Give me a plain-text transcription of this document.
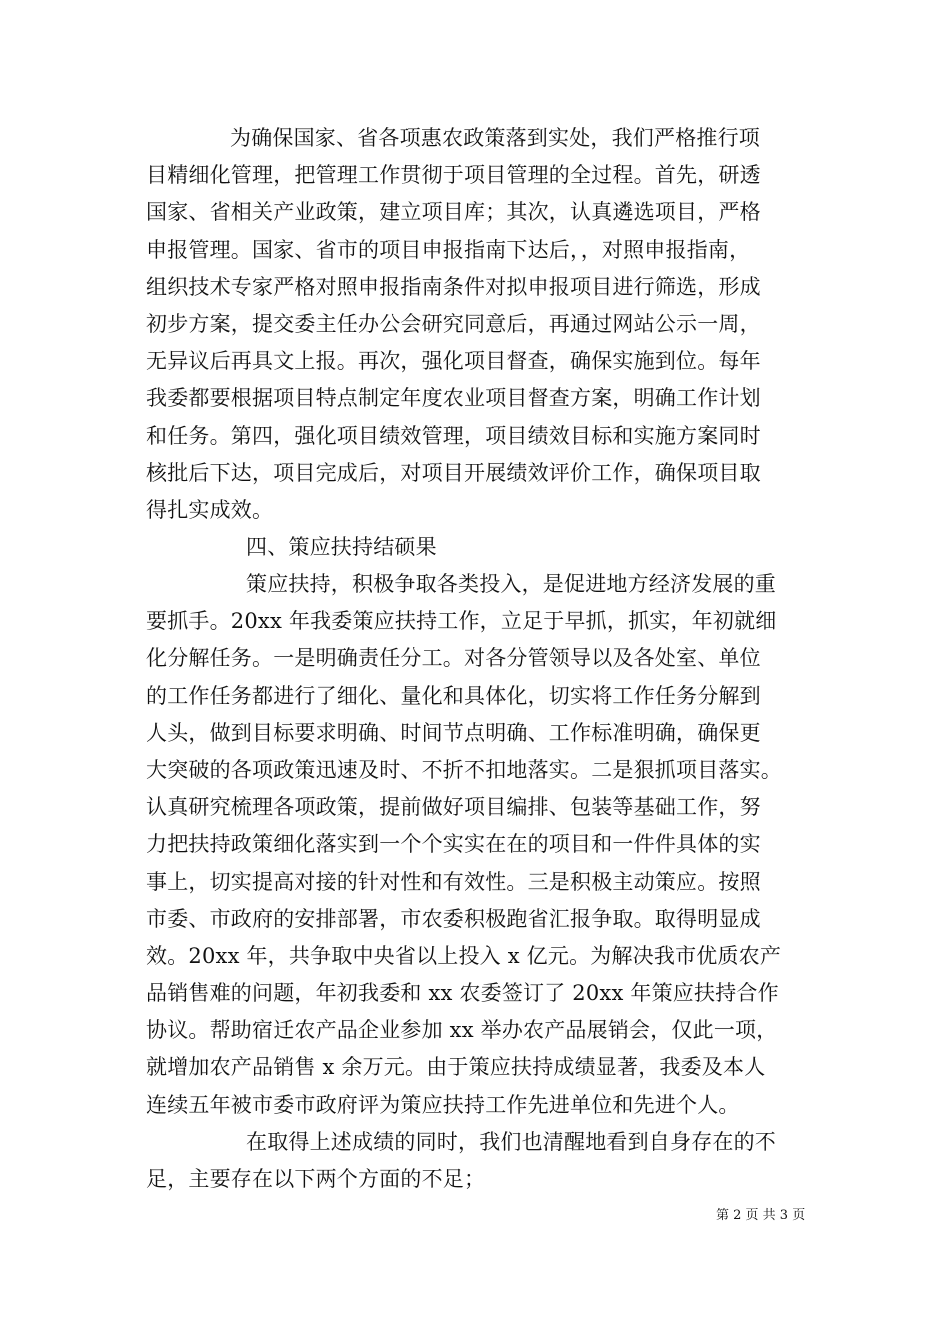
为确保国家、省各项惠农政策落到实处，我们严格推行项
目精细化管理，把管理工作贯彻于项目管理的全过程。首先，研透
国家、省相关产业政策，建立项目库；其次，认真遴选项目，严格
申报管理。国家、省市的项目申报指南下达后，，对照申报指南，
组织技术专家严格对照申报指南条件对拟申报项目进行筛选，形成
初步方案，提交委主任办公会研究同意后，再通过网站公示一周，
无异议后再具文上报。再次，强化项目督查，确保实施到位。每年
我委都要根据项目特点制定年度农业项目督查方案，明确工作计划
和任务。第四，强化项目绩效管理，项目绩效目标和实施方案同时
核批后下达，项目完成后，对项目开展绩效评价工作，确保项目取
得扎实成效。
四、策应扶持结硕果
策应扶持，积极争取各类投入，是促进地方经济发展的重
要抓手。20xx 年我委策应扶持工作，立足于早抓，抓实，年初就细
化分解任务。一是明确责任分工。对各分管领导以及各处室、单位
的工作任务都进行了细化、量化和具体化，切实将工作任务分解到
人头，做到目标要求明确、时间节点明确、工作标准明确，确保更
大突破的各项政策迅速及时、不折不扣地落实。二是狠抓项目落实。
认真研究梳理各项政策，提前做好项目编排、包装等基础工作，努
力把扶持政策细化落实到一个个实实在在的项目和一件件具体的实
事上，切实提高对接的针对性和有效性。三是积极主动策应。按照
市委、市政府的安排部署，市农委积极跑省汇报争取。取得明显成
效。20xx 年，共争取中央省以上投入 x 亿元。为解决我市优质农产
品销售难的问题，年初我委和 xx 农委签订了 20xx 年策应扶持合作
协议。帮助宿迁农产品企业参加 xx 举办农产品展销会，仅此一项，
就增加农产品销售 x 余万元。由于策应扶持成绩显著，我委及本人
连续五年被市委市政府评为策应扶持工作先进单位和先进个人。
在取得上述成绩的同时，我们也清醒地看到自身存在的不
足，主要存在以下两个方面的不足；
第 2 页 共 3 页
